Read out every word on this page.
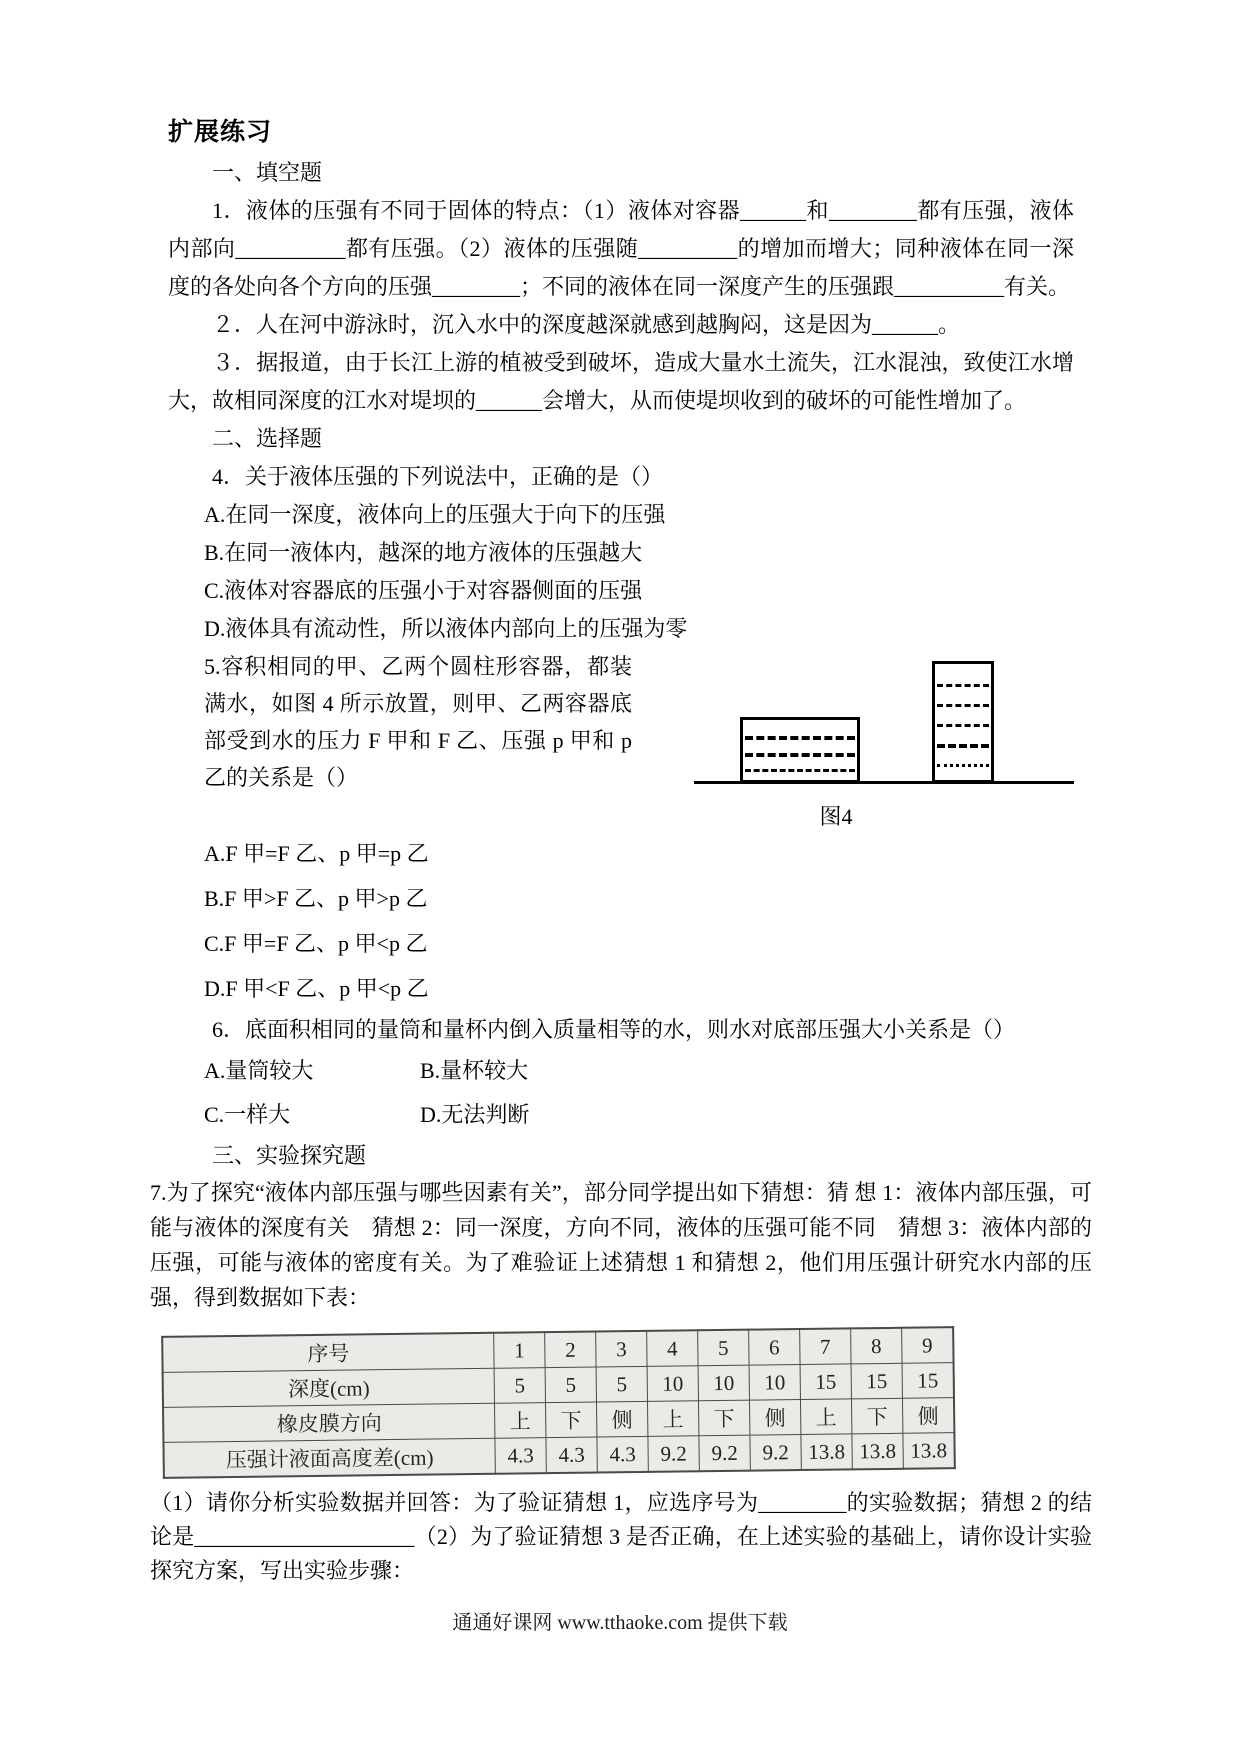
扩展练习

一、填空题

1．液体的压强有不同于固体的特点：（1）液体对容器______和________都有压强，液体内部向__________都有压强。（2）液体的压强随_________的增加而增大；同种液体在同一深度的各处向各个方向的压强________；不同的液体在同一深度产生的压强跟__________有关。

２．人在河中游泳时，沉入水中的深度越深就感到越胸闷，这是因为______。

３．据报道，由于长江上游的植被受到破坏，造成大量水土流失，江水混浊，致使江水增大，故相同深度的江水对堤坝的______会增大，从而使堤坝收到的破坏的可能性增加了。

二、选择题

4．关于液体压强的下列说法中，正确的是（）

A.在同一深度，液体向上的压强大于向下的压强

B.在同一液体内，越深的地方液体的压强越大

C.液体对容器底的压强小于对容器侧面的压强

D.液体具有流动性，所以液体内部向上的压强为零

5.容积相同的甲、乙两个圆柱形容器，都装满水，如图 4 所示放置，则甲、乙两容器底部受到水的压力 F 甲和 F 乙、压强 p 甲和 p 乙的关系是（）

图4

A.F 甲=F 乙、p 甲=p 乙

B.F 甲>F 乙、p 甲>p 乙

C.F 甲=F 乙、p 甲<p 乙

D.F 甲<F 乙、p 甲<p 乙

6．底面积相同的量筒和量杯内倒入质量相等的水，则水对底部压强大小关系是（）

A.量筒较大	B.量杯较大
C.一样大	D.无法判断

三、实验探究题

7.为了探究“液体内部压强与哪些因素有关”，部分同学提出如下猜想：猜 想 1：液体内部压强，可能与液体的深度有关　猜想 2：同一深度，方向不同，液体的压强可能不同　猜想 3：液体内部的压强，可能与液体的密度有关。为了难验证上述猜想 1 和猜想 2，他们用压强计研究水内部的压强，得到数据如下表：

序号	1	2	3	4	5	6	7	8	9
深度(cm)	5	5	5	10	10	10	15	15	15
橡皮膜方向	上	下	侧	上	下	侧	上	下	侧
压强计液面高度差(cm)	4.3	4.3	4.3	9.2	9.2	9.2	13.8	13.8	13.8

（1）请你分析实验数据并回答：为了验证猜想 1，应选序号为________的实验数据；猜想 2 的结论是____________________（2）为了验证猜想 3 是否正确，在上述实验的基础上，请你设计实验探究方案，写出实验步骤：

通通好课网 www.tthaoke.com 提供下载
